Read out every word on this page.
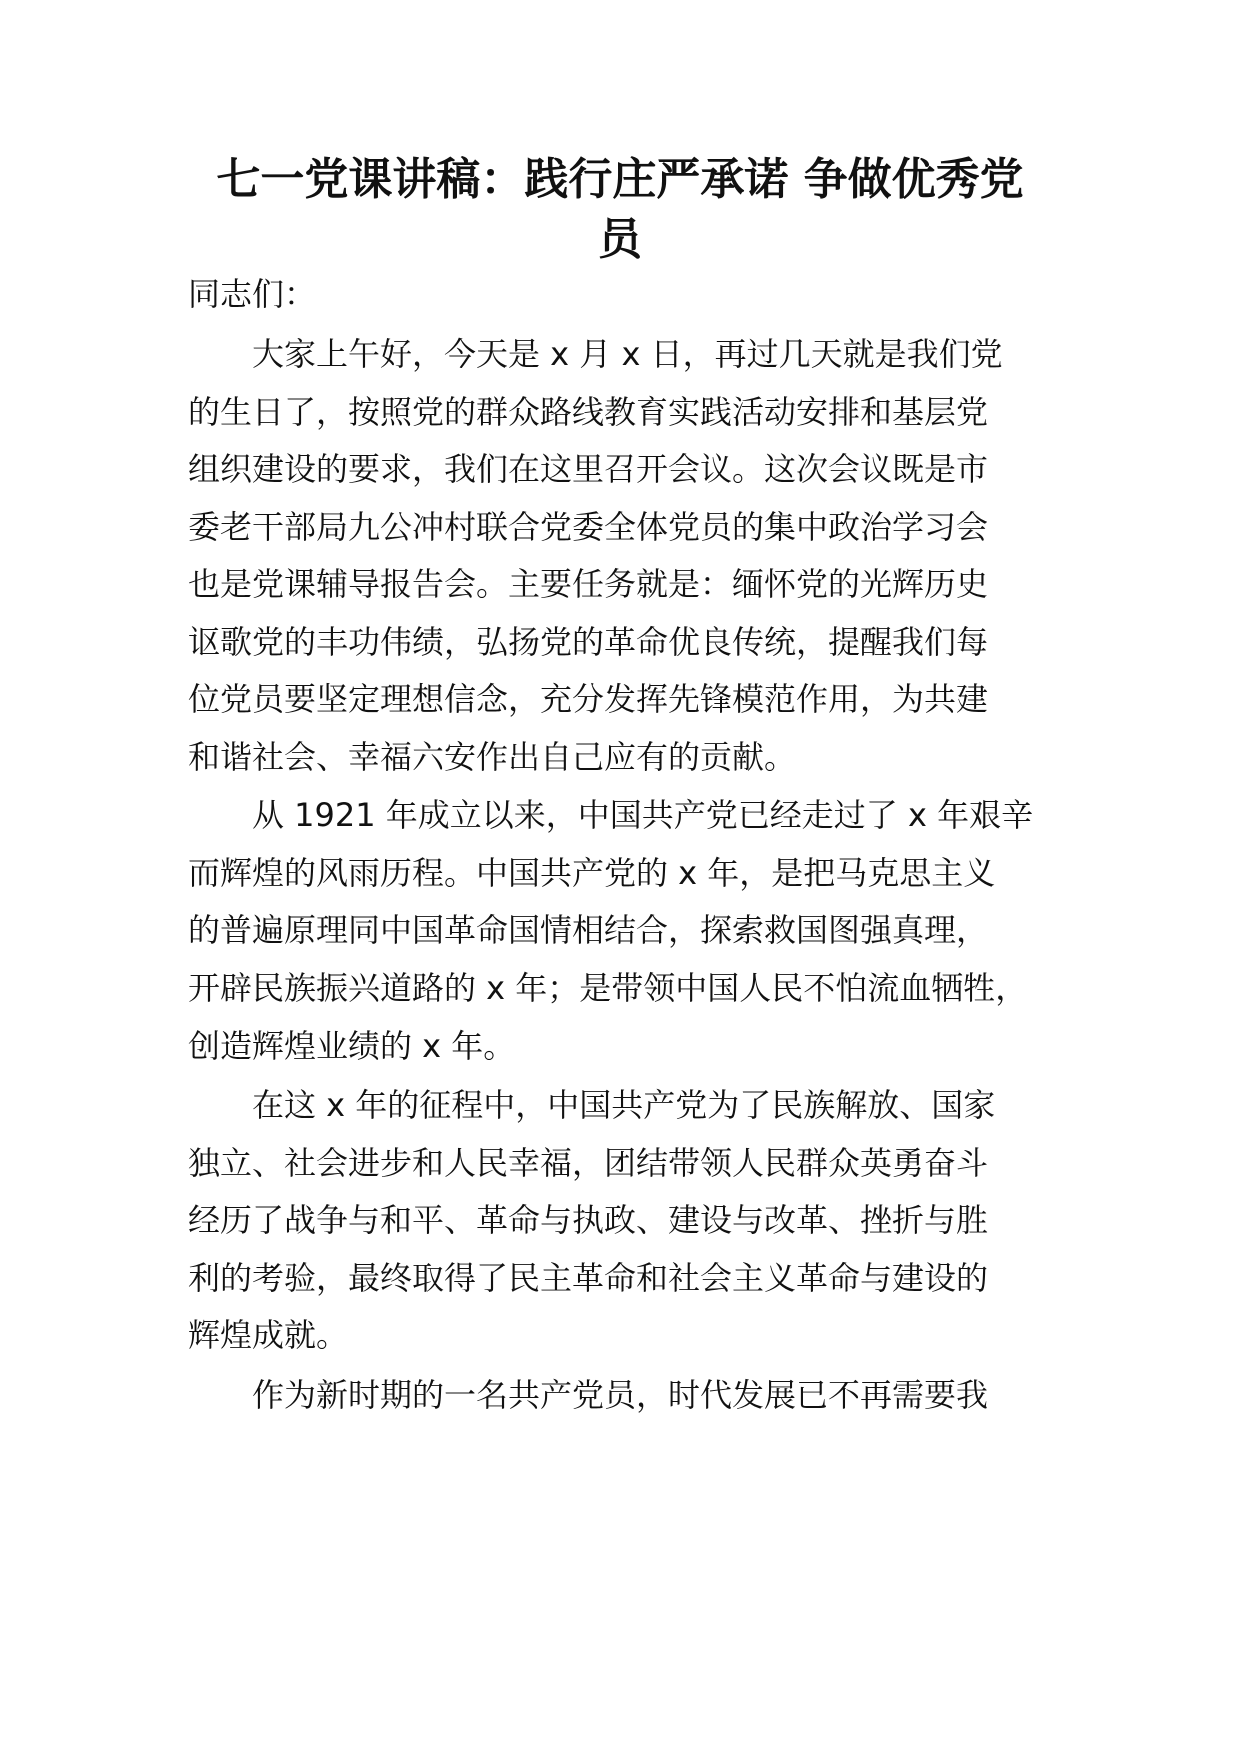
七一党课讲稿：践行庄严承诺 争做优秀党
员
同志们：
大家上午好，今天是 x 月 x 日，再过几天就是我们党
的生日了，按照党的群众路线教育实践活动安排和基层党
组织建设的要求，我们在这里召开会议。这次会议既是市
委老干部局九公冲村联合党委全体党员的集中政治学习会
也是党课辅导报告会。主要任务就是：缅怀党的光辉历史
讴歌党的丰功伟绩，弘扬党的革命优良传统，提醒我们每
位党员要坚定理想信念，充分发挥先锋模范作用，为共建
和谐社会、幸福六安作出自己应有的贡献。
从 1921 年成立以来，中国共产党已经走过了 x 年艰辛
而辉煌的风雨历程。中国共产党的 x 年，是把马克思主义
的普遍原理同中国革命国情相结合，探索救国图强真理，
开辟民族振兴道路的 x 年；是带领中国人民不怕流血牺牲，
创造辉煌业绩的 x 年。
在这 x 年的征程中，中国共产党为了民族解放、国家
独立、社会进步和人民幸福，团结带领人民群众英勇奋斗
经历了战争与和平、革命与执政、建设与改革、挫折与胜
利的考验，最终取得了民主革命和社会主义革命与建设的
辉煌成就。
作为新时期的一名共产党员，时代发展已不再需要我
